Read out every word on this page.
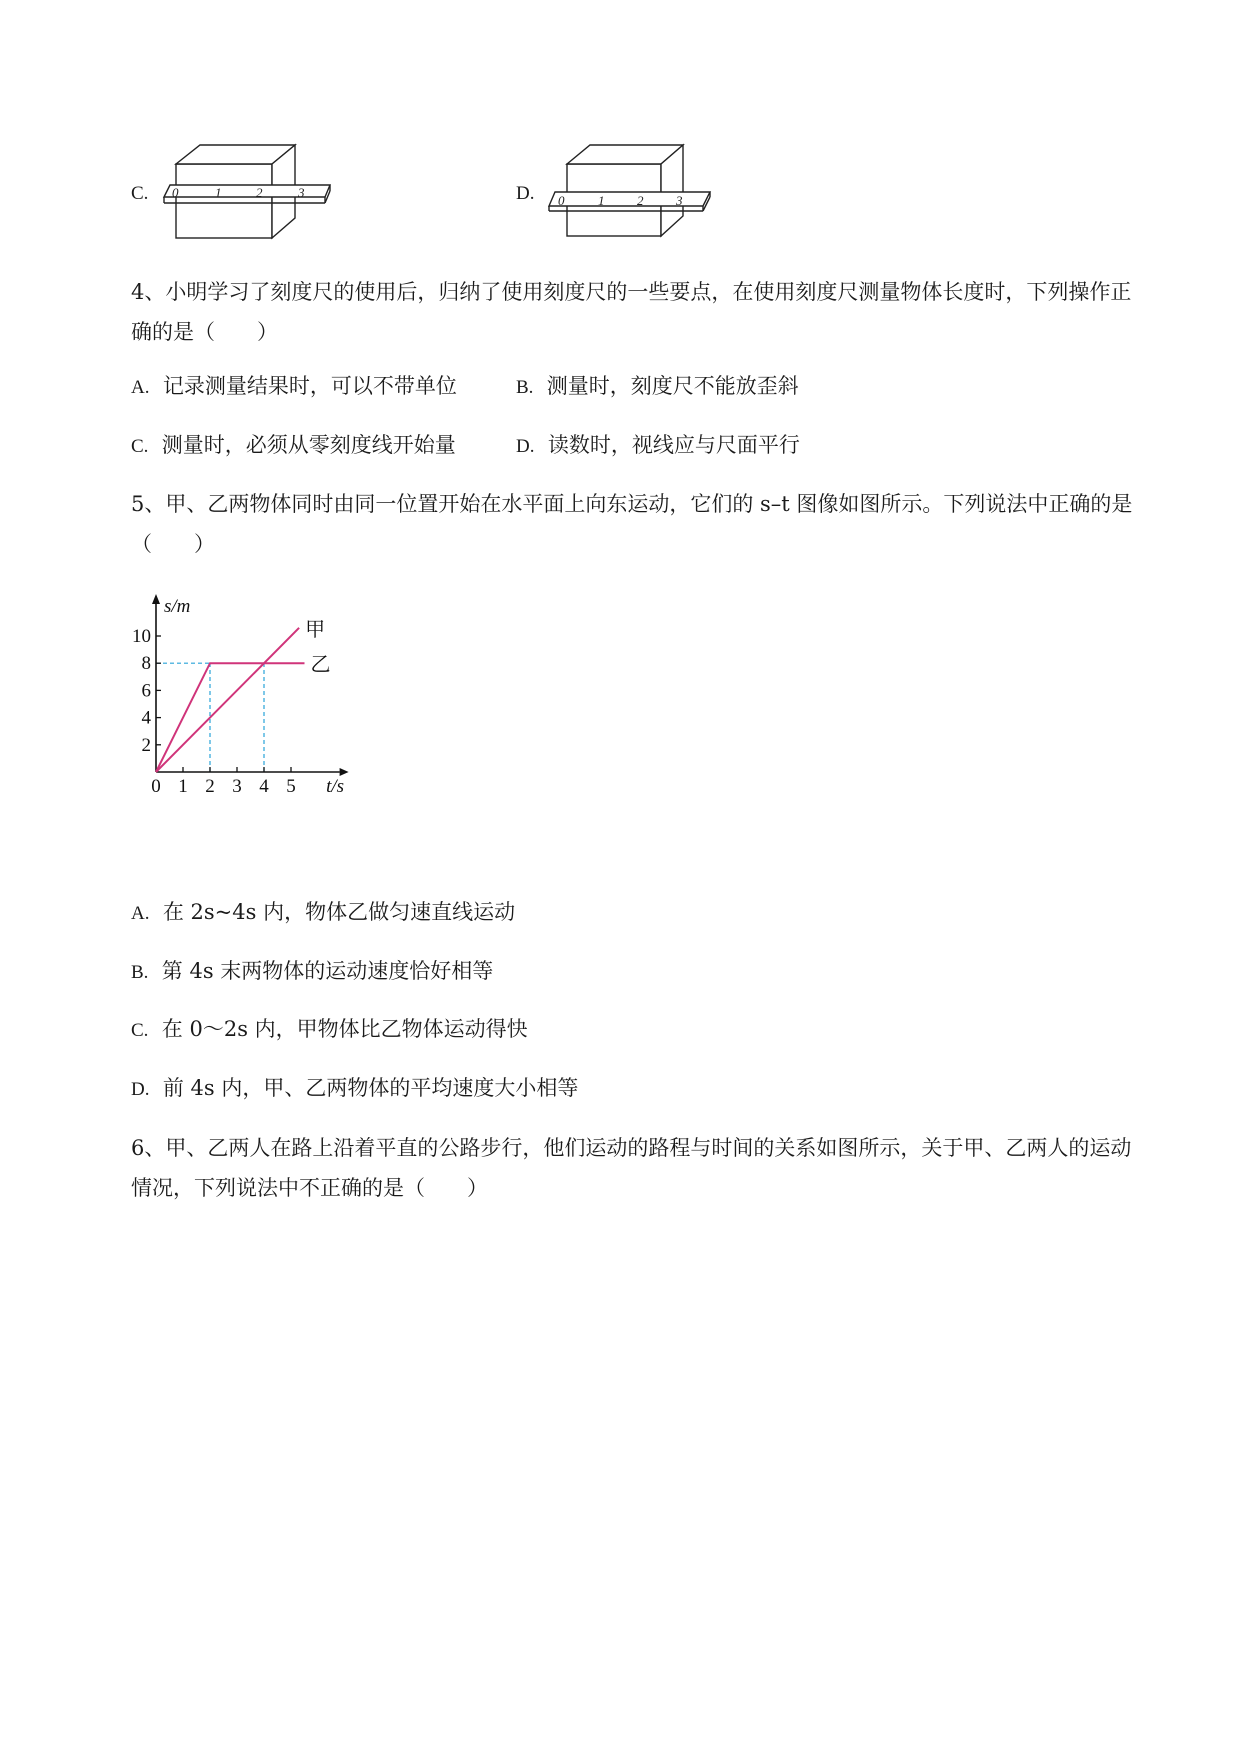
C. 0	1	2	3	D. 0	1	2	3
4、小明学习了刻度尺的使用后，归纳了使用刻度尺的一些要点，在使用刻度尺测量物体长度时，下列操作正确的是（　　）
A. 记录测量结果时，可以不带单位	B. 测量时，刻度尺不能放歪斜
C. 测量时，必须从零刻度线开始量	D. 读数时，视线应与尺面平行
5、甲、乙两物体同时由同一位置开始在水平面上向东运动，它们的 s–t 图像如图所示。下列说法中正确的是（　　）
0 1 2 3 4 5
2
4
6
8
10
s/m
t/s
甲
乙
A. 在 2s~4s 内，物体乙做匀速直线运动
B. 第 4s 末两物体的运动速度恰好相等
C. 在 0～2s 内，甲物体比乙物体运动得快
D. 前 4s 内，甲、乙两物体的平均速度大小相等
6、甲、乙两人在路上沿着平直的公路步行，他们运动的路程与时间的关系如图所示，关于甲、乙两人的运动情况，下列说法中不正确的是（　　）
